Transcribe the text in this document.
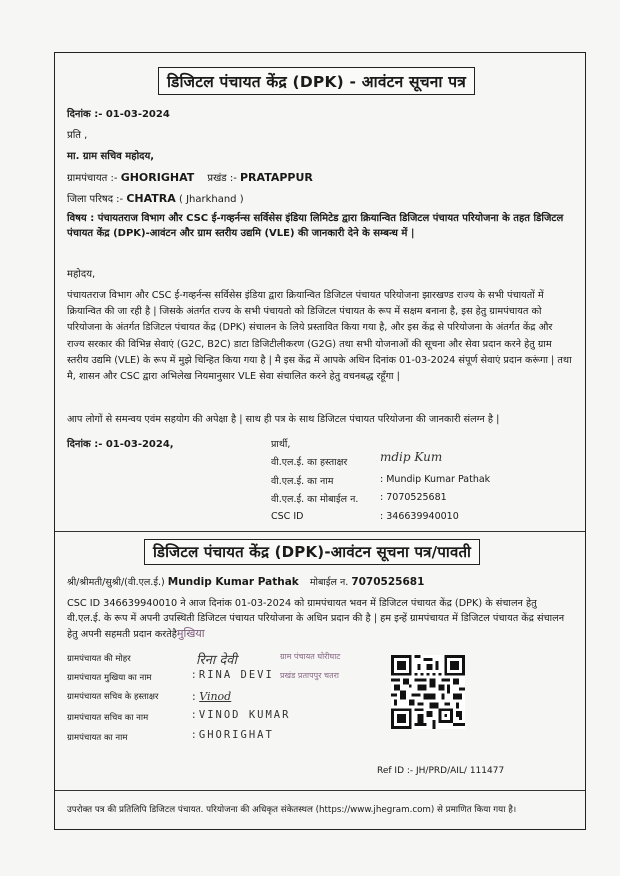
डिजिटल पंचायत केंद्र (DPK) - आवंटन सूचना पत्र
दिनांक :- 01-03-2024
प्रति ,
मा. ग्राम सचिव महोदय,
ग्रामपंचायत :- GHORIGHAT प्रखंड :- PRATAPPUR
जिला परिषद :- CHATRA ( Jharkhand )
विषय : पंचायतराज विभाग और CSC ई-गव्हर्नन्स सर्विसेस इंडिया लिमिटेड द्वारा क्रियान्वित डिजिटल पंचायत परियोजना के तहत डिजिटल पंचायत केंद्र (DPK)-आवंटन और ग्राम स्तरीय उद्यमि (VLE) की जानकारी देने के सम्बन्ध में |
महोदय,
पंचायतराज विभाग और CSC ई-गव्हर्नन्स सर्विसेस इंडिया द्वारा क्रियान्वित डिजिटल पंचायत परियोजना झारखण्ड राज्य के सभी पंचायतों में क्रियान्वित की जा रही है | जिसके अंतर्गत राज्य के सभी पंचायतो को डिजिटल पंचायत के रूप में सक्षम बनाना है, इस हेतु ग्रामपंचायत को परियोजना के अंतर्गत डिजिटल पंचायत केंद्र (DPK) संचालन के लिये प्रस्तावित किया गया है, और इस केंद्र से परियोजना के अंतर्गत केंद्र और राज्य सरकार की विभिन्न सेवाएं (G2C, B2C) डाटा डिजिटीलीकरण (G2G) तथा सभी योजनाओं की सूचना और सेवा प्रदान करने हेतु ग्राम स्तरीय उद्यमि (VLE) के रूप में मुझे चिन्हित किया गया है | मै इस केंद्र में आपके अधिन दिनांक 01-03-2024 संपूर्ण सेवाएं प्रदान करूंगा | तथा मै, शासन और CSC द्वारा अभिलेख नियमानुसार VLE सेवा संचालित करने हेतु वचनबद्ध रहूँगा |
आप लोगों से समन्वय एवंम सहयोग की अपेक्षा है | साथ ही पत्र के साथ डिजिटल पंचायत परियोजना की जानकारी संलग्न है |
दिनांक :- 01-03-2024,	प्रार्थी,
वी.एल.ई. का हस्ताक्षर	mdip Kum
वी.एल.ई. का नाम	: Mundip Kumar Pathak
वी.एल.ई. का मोबाईल न. : 7070525681
CSC ID	: 346639940010
डिजिटल पंचायत केंद्र (DPK)-आवंटन सूचना पत्र/पावती
श्री/श्रीमती/सुश्री/(वी.एल.ई.) Mundip Kumar Pathak मोबाईल न. 7070525681
CSC ID 346639940010 ने आज दिनांक 01-03-2024 को ग्रामपंचायत भवन में डिजिटल पंचायत केंद्र (DPK) के संचालन हेतु वी.एल.ई. के रूप में अपनी उपस्थिती डिजिटल पंचायत परियोजना के अधिन प्रदान की है | हम इन्हें ग्रामपंचायत में डिजिटल पंचायत केंद्र संचालन हेतु अपनी सहमती प्रदान करतेहैमुखिया
ग्रामपंचायत की मोहर	रिना देवी	ग्राम पंचायत घोरीघाट
ग्रामपंचायत मुखिया का नाम	: RINA DEVI प्रखंड प्रतापपुर चतरा
ग्रामपंचायत सचिव के हस्ताक्षर	: Vinod
ग्रामपंचायत सचिव का नाम	: VINOD KUMAR
ग्रामपंचायत का नाम	: GHORIGHAT
Ref ID :- JH/PRD/AIL/ 111477
उपरोक्त पत्र की प्रतिलिपि डिजिटल पंचायत. परियोजना की अधिकृत संकेतस्थल (https://www.jhegram.com) से प्रमाणित किया गया है।
